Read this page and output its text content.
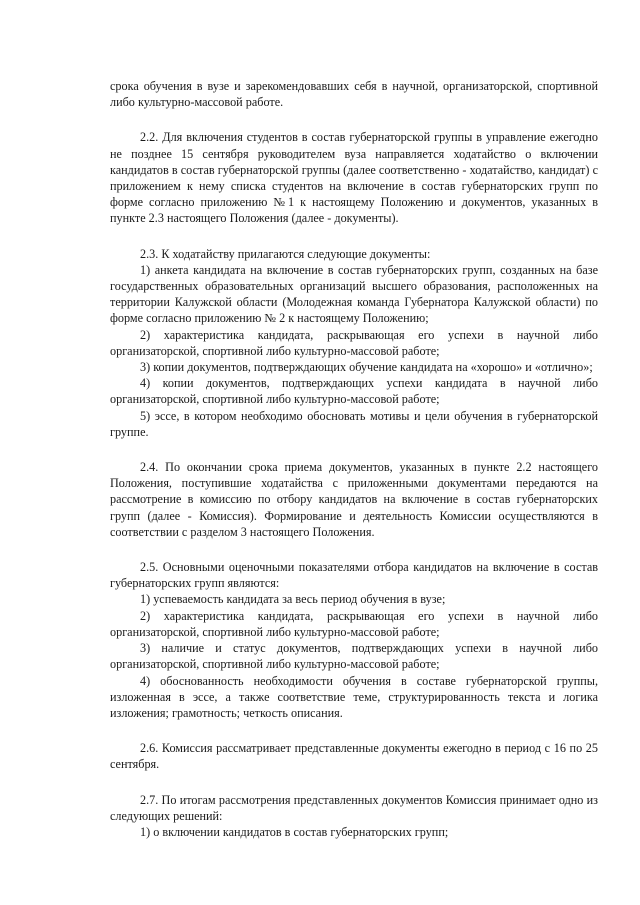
срока обучения в вузе и зарекомендовавших себя в научной, организаторской, спортивной либо культурно-массовой работе.

2.2. Для включения студентов в состав губернаторской группы в управление ежегодно не позднее 15 сентября руководителем вуза направляется ходатайство о включении кандидатов в состав губернаторской группы (далее соответственно - ходатайство, кандидат) с приложением к нему списка студентов на включение в состав губернаторских групп по форме согласно приложению №1 к настоящему Положению и документов, указанных в пункте 2.3 настоящего Положения (далее - документы).

2.3. К ходатайству прилагаются следующие документы:

1) анкета кандидата на включение в состав губернаторских групп, созданных на базе государственных образовательных организаций высшего образования, расположенных на территории Калужской области (Молодежная команда Губернатора Калужской области) по форме согласно приложению № 2 к настоящему Положению;

2) характеристика кандидата, раскрывающая его успехи в научной либо организаторской, спортивной либо культурно-массовой работе;

3) копии документов, подтверждающих обучение кандидата на «хорошо» и «отлично»;

4) копии документов, подтверждающих успехи кандидата в научной либо организаторской, спортивной либо культурно-массовой работе;

5) эссе, в котором необходимо обосновать мотивы и цели обучения в губернаторской группе.

2.4. По окончании срока приема документов, указанных в пункте 2.2 настоящего Положения, поступившие ходатайства с приложенными документами передаются на рассмотрение в комиссию по отбору кандидатов на включение в состав губернаторских групп (далее - Комиссия). Формирование и деятельность Комиссии осуществляются в соответствии с разделом 3 настоящего Положения.

2.5. Основными оценочными показателями отбора кандидатов на включение в состав губернаторских групп являются:

1) успеваемость кандидата за весь период обучения в вузе;

2) характеристика кандидата, раскрывающая его успехи в научной либо организаторской, спортивной либо культурно-массовой работе;

3) наличие и статус документов, подтверждающих успехи в научной либо организаторской, спортивной либо культурно-массовой работе;

4) обоснованность необходимости обучения в составе губернаторской группы, изложенная в эссе, а также соответствие теме, структурированность текста и логика изложения; грамотность; четкость описания.

2.6. Комиссия рассматривает представленные документы ежегодно в период с 16 по 25 сентября.

2.7. По итогам рассмотрения представленных документов Комиссия принимает одно из следующих решений:

1) о включении кандидатов в состав губернаторских групп;
